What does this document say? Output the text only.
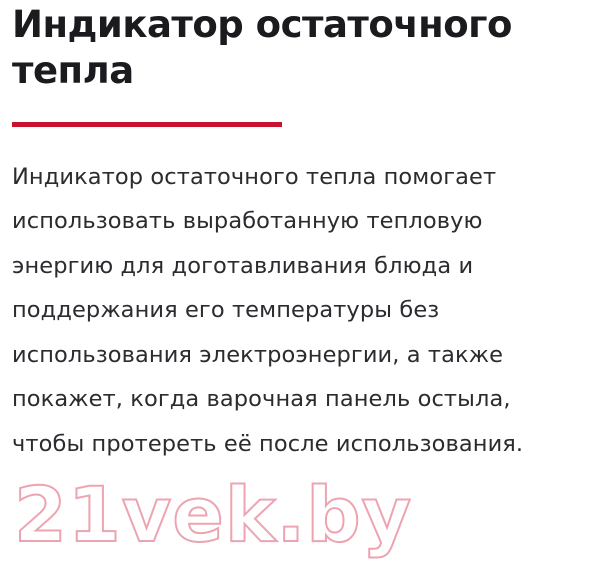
Индикатор остаточного тепла

Индикатор остаточного тепла помогает использовать выработанную тепловую энергию для доготавливания блюда и поддержания его температуры без использования электроэнергии, а также покажет, когда варочная панель остыла, чтобы протереть её после использования.

21vek.by
